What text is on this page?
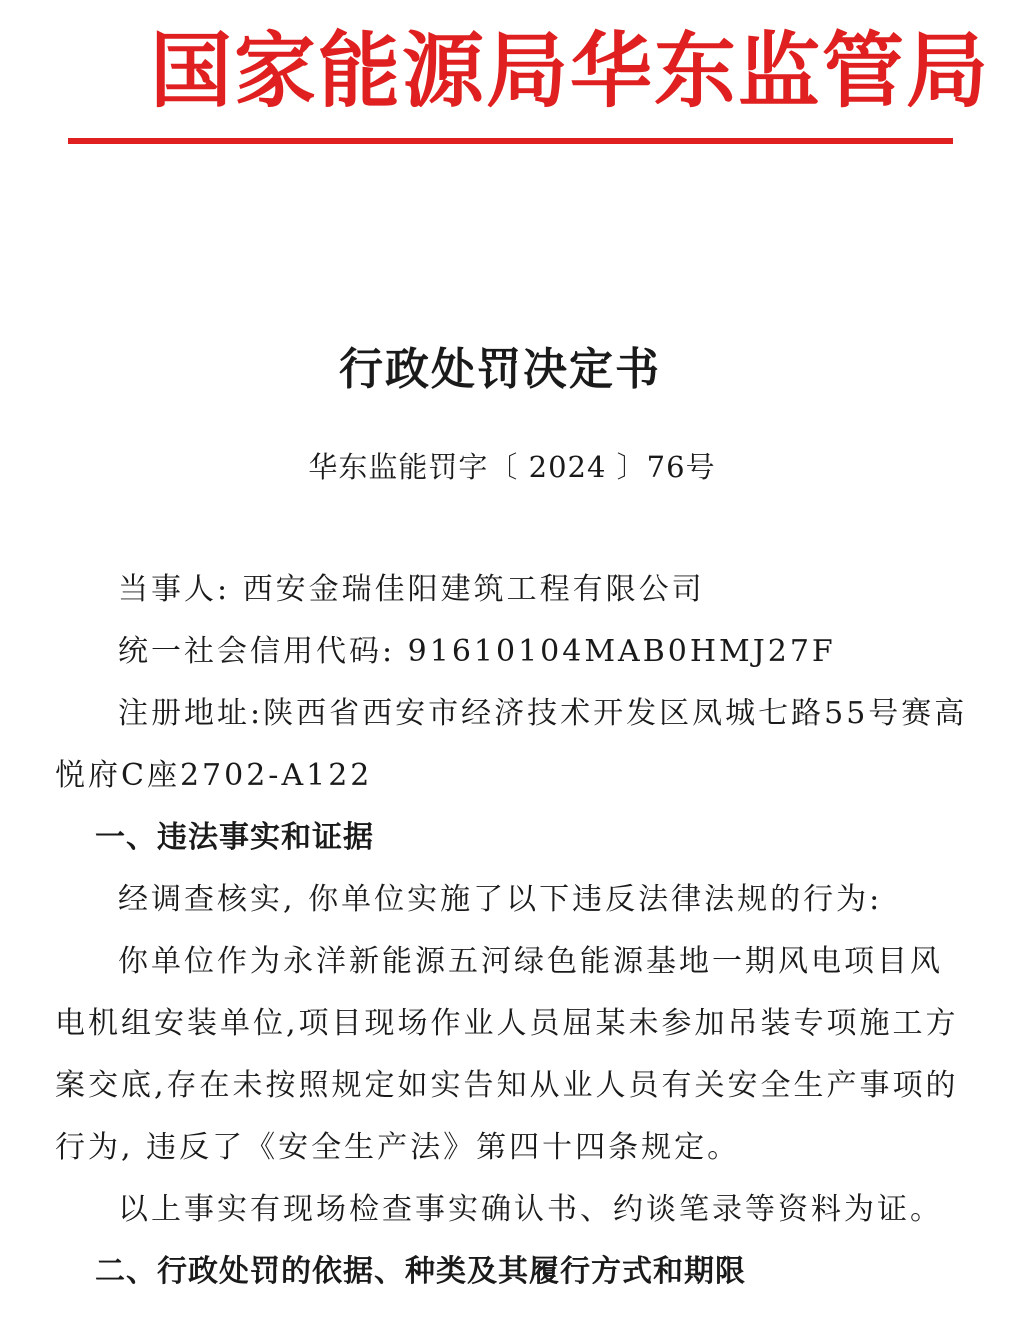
国家能源局华东监管局
行政处罚决定书
华东监能罚字〔 2024 〕76号
当事人: 西安金瑞佳阳建筑工程有限公司
统一社会信用代码: 91610104MAB0HMJ27F
注册地址:陕西省西安市经济技术开发区凤城七路55号赛高
悦府C座2702-A122
一、违法事实和证据
经调查核实, 你单位实施了以下违反法律法规的行为:
你单位作为永洋新能源五河绿色能源基地一期风电项目风
电机组安装单位,项目现场作业人员屈某未参加吊装专项施工方
案交底,存在未按照规定如实告知从业人员有关安全生产事项的
行为, 违反了《安全生产法》第四十四条规定。
以上事实有现场检查事实确认书、约谈笔录等资料为证。
二、行政处罚的依据、种类及其履行方式和期限
